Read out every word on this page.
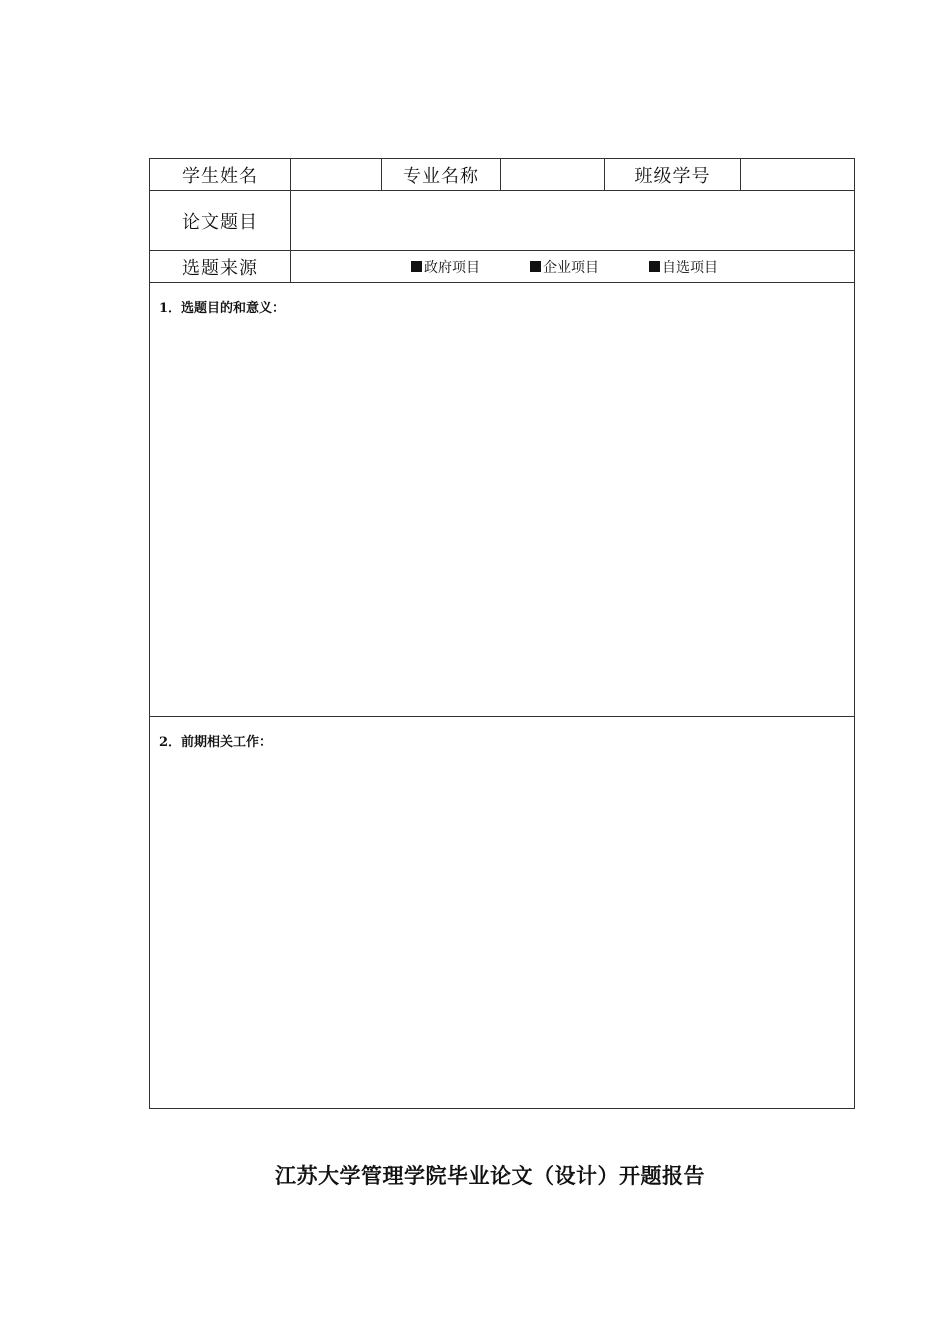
学生姓名		专业名称		班级学号	
论文题目					
选题来源	政府项目 企业项目 自选项目				

1．选题目的和意义：					

2．前期相关工作：					
江苏大学管理学院毕业论文（设计）开题报告
